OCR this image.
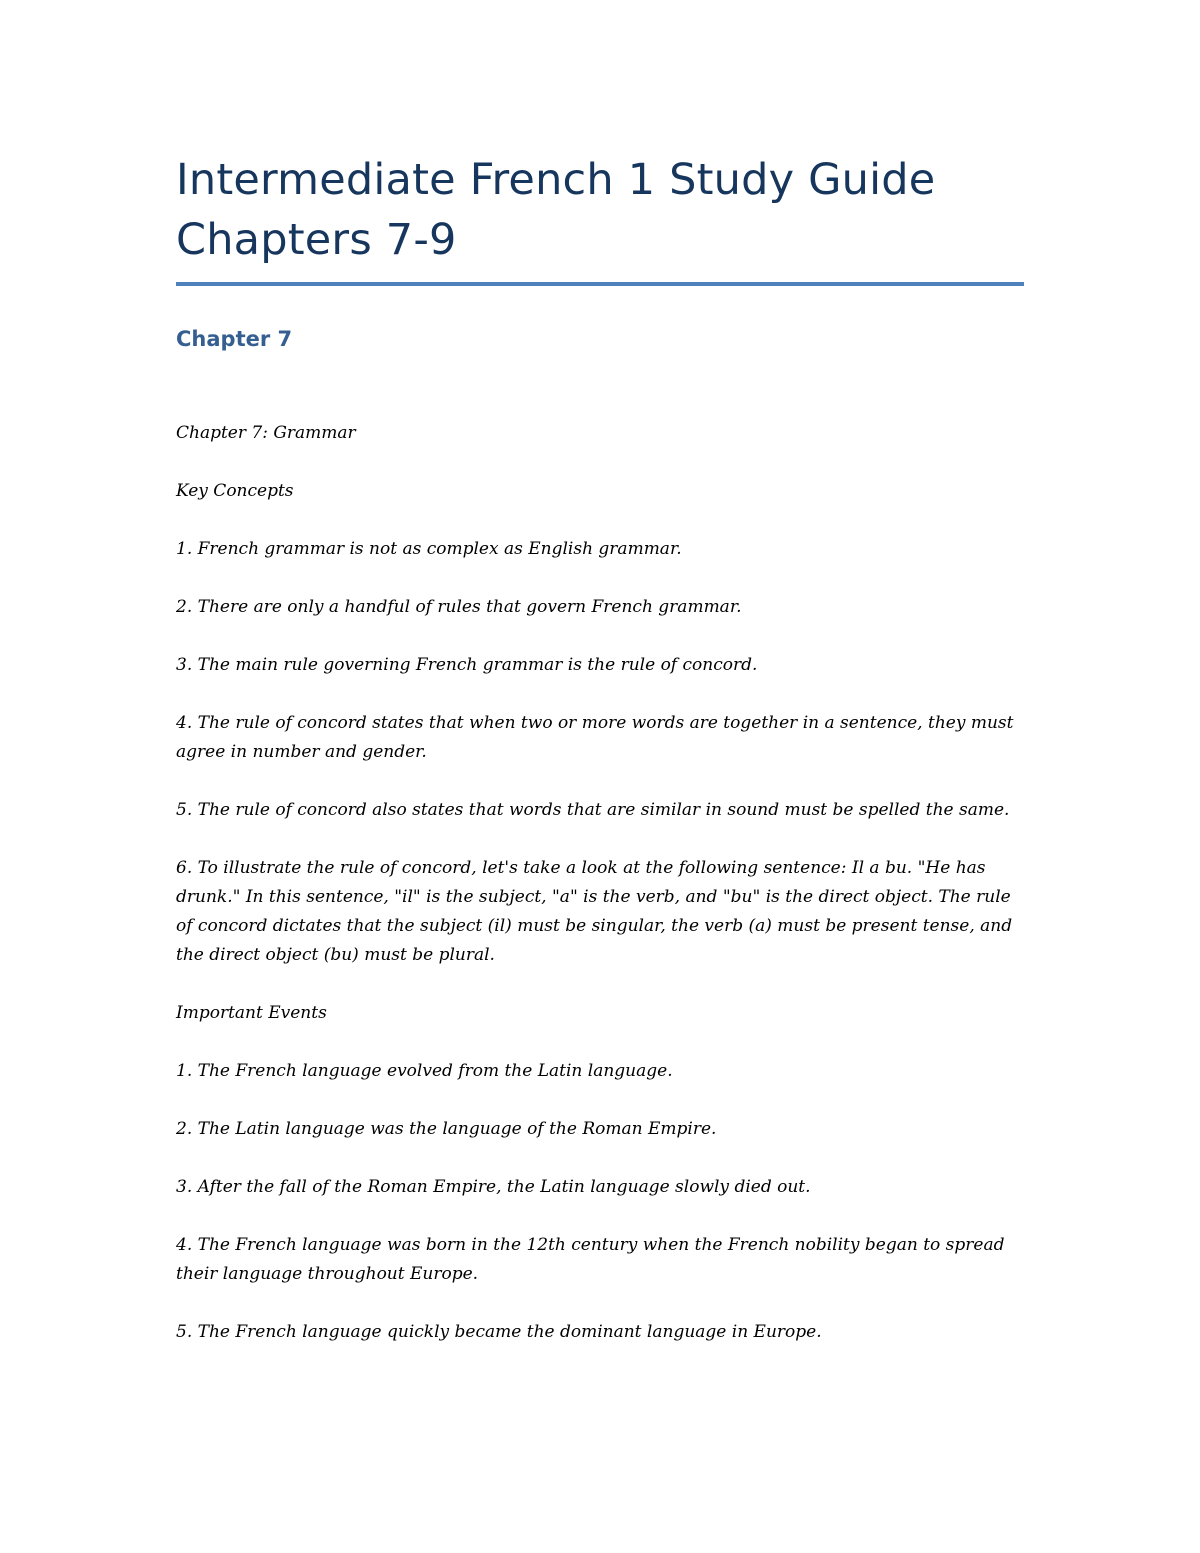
Intermediate French 1 Study Guide
Chapters 7-9
Chapter 7

Chapter 7: Grammar

Key Concepts

1. French grammar is not as complex as English grammar.

2. There are only a handful of rules that govern French grammar.

3. The main rule governing French grammar is the rule of concord.

4. The rule of concord states that when two or more words are together in a sentence, they must agree in number and gender.

5. The rule of concord also states that words that are similar in sound must be spelled the same.

6. To illustrate the rule of concord, let's take a look at the following sentence: Il a bu. "He has drunk." In this sentence, "il" is the subject, "a" is the verb, and "bu" is the direct object. The rule of concord dictates that the subject (il) must be singular, the verb (a) must be present tense, and the direct object (bu) must be plural.

Important Events

1. The French language evolved from the Latin language.

2. The Latin language was the language of the Roman Empire.

3. After the fall of the Roman Empire, the Latin language slowly died out.

4. The French language was born in the 12th century when the French nobility began to spread their language throughout Europe.

5. The French language quickly became the dominant language in Europe.
